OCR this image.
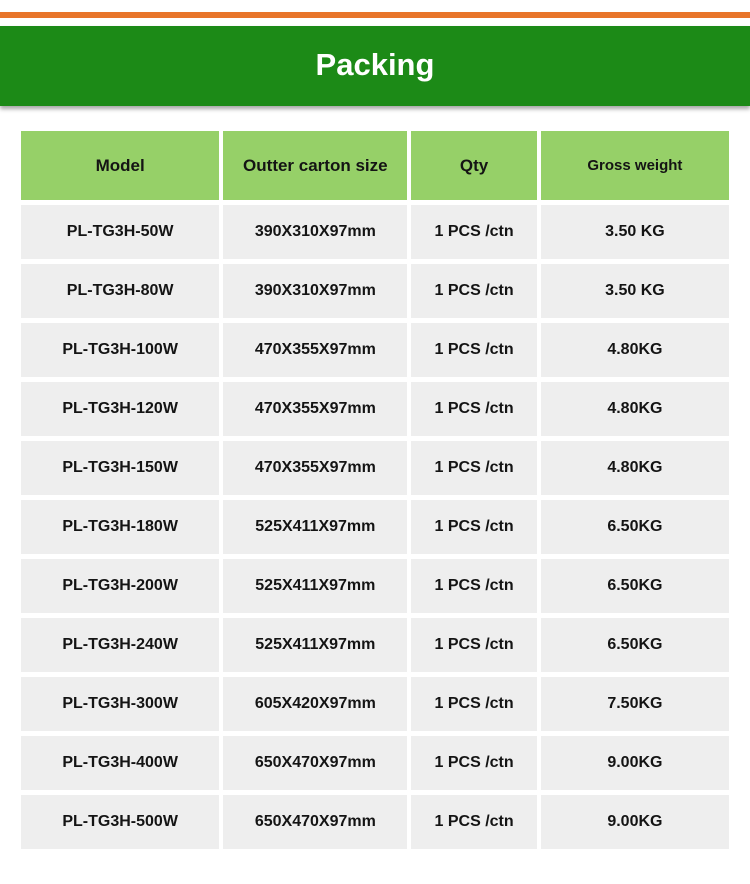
Packing
Model	Outter carton size	Qty	Gross weight
PL-TG3H-50W	390X310X97mm	1 PCS /ctn	3.50 KG
PL-TG3H-80W	390X310X97mm	1 PCS /ctn	3.50 KG
PL-TG3H-100W	470X355X97mm	1 PCS /ctn	4.80KG
PL-TG3H-120W	470X355X97mm	1 PCS /ctn	4.80KG
PL-TG3H-150W	470X355X97mm	1 PCS /ctn	4.80KG
PL-TG3H-180W	525X411X97mm	1 PCS /ctn	6.50KG
PL-TG3H-200W	525X411X97mm	1 PCS /ctn	6.50KG
PL-TG3H-240W	525X411X97mm	1 PCS /ctn	6.50KG
PL-TG3H-300W	605X420X97mm	1 PCS /ctn	7.50KG
PL-TG3H-400W	650X470X97mm	1 PCS /ctn	9.00KG
PL-TG3H-500W	650X470X97mm	1 PCS /ctn	9.00KG
